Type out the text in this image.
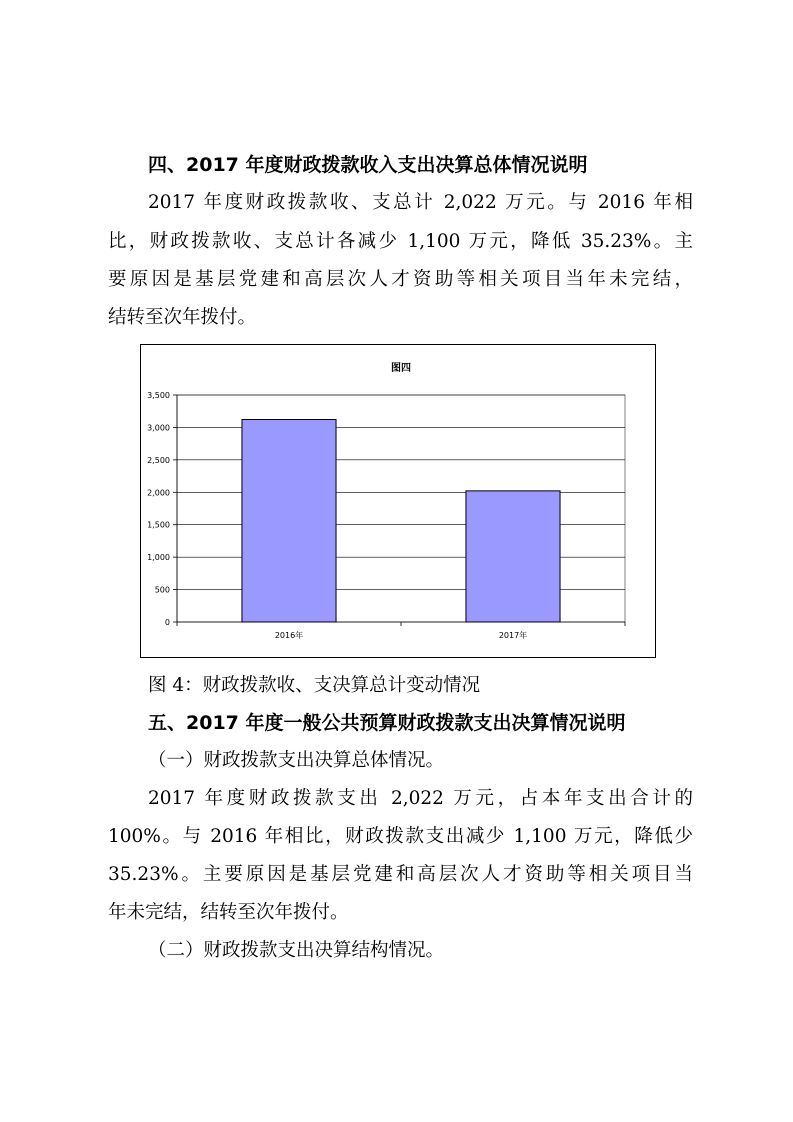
四、2017 年度财政拨款收入支出决算总体情况说明
2017 年度财政拨款收、支总计 2,022 万元。与 2016 年相
比，财政拨款收、支总计各减少 1,100 万元，降低 35.23%。主
要原因是基层党建和高层次人才资助等相关项目当年未完结，
结转至次年拨付。
图四
0
500
1,000
1,500
2,000
2,500
3,000
3,500
2016年	2017年
图 4：财政拨款收、支决算总计变动情况
五、2017 年度一般公共预算财政拨款支出决算情况说明
（一）财政拨款支出决算总体情况。
2017 年度财政拨款支出 2,022 万元，占本年支出合计的
100%。与 2016 年相比，财政拨款支出减少 1,100 万元，降低少
35.23%。主要原因是基层党建和高层次人才资助等相关项目当
年未完结，结转至次年拨付。
（二）财政拨款支出决算结构情况。
